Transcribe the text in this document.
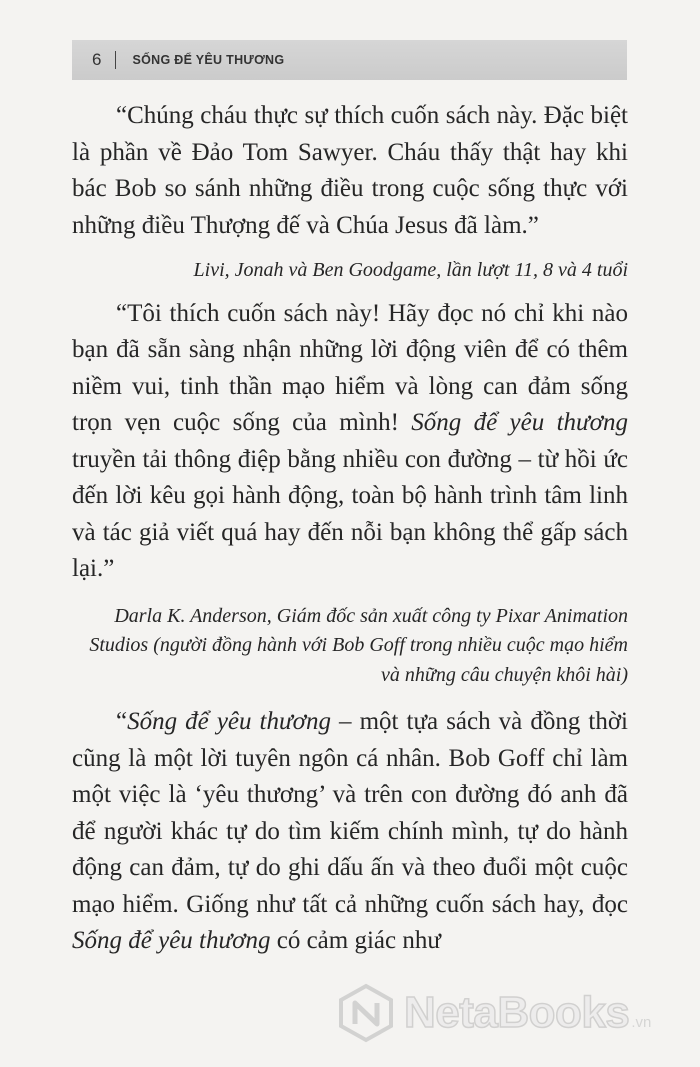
6 SỐNG ĐỂ YÊU THƯƠNG

“Chúng cháu thực sự thích cuốn sách này. Đặc biệt là phần về Đảo Tom Sawyer. Cháu thấy thật hay khi bác Bob so sánh những điều trong cuộc sống thực với những điều Thượng đế và Chúa Jesus đã làm.”

Livi, Jonah và Ben Goodgame, lần lượt 11, 8 và 4 tuổi

“Tôi thích cuốn sách này! Hãy đọc nó chỉ khi nào bạn đã sẵn sàng nhận những lời động viên để có thêm niềm vui, tinh thần mạo hiểm và lòng can đảm sống trọn vẹn cuộc sống của mình! Sống để yêu thương truyền tải thông điệp bằng nhiều con đường – từ hồi ức đến lời kêu gọi hành động, toàn bộ hành trình tâm linh và tác giả viết quá hay đến nỗi bạn không thể gấp sách lại.”

Darla K. Anderson, Giám đốc sản xuất công ty Pixar Animation Studios (người đồng hành với Bob Goff trong nhiều cuộc mạo hiểm và những câu chuyện khôi hài)

“Sống để yêu thương – một tựa sách và đồng thời cũng là một lời tuyên ngôn cá nhân. Bob Goff chỉ làm một việc là ‘yêu thương’ và trên con đường đó anh đã để người khác tự do tìm kiếm chính mình, tự do hành động can đảm, tự do ghi dấu ấn và theo đuổi một cuộc mạo hiểm. Giống như tất cả những cuốn sách hay, đọc Sống để yêu thương có cảm giác như

NetaBooks .vn
